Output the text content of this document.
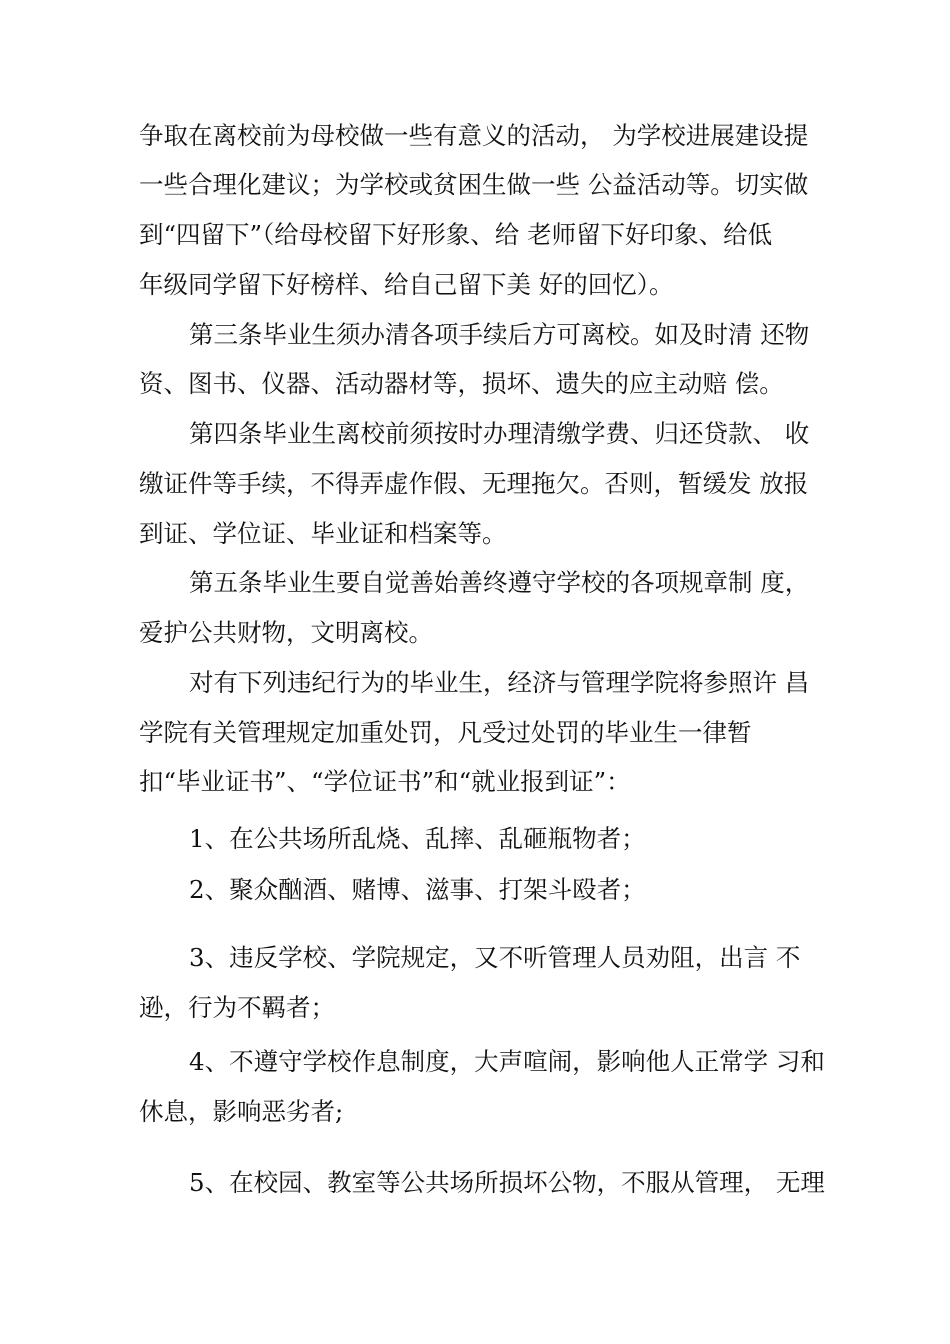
争取在离校前为母校做一些有意义的活动， 为学校进展建设提
一些合理化建议；为学校或贫困生做一些 公益活动等。切实做
到“四留下”（给母校留下好形象、给 老师留下好印象、给低
年级同学留下好榜样、给自己留下美 好的回忆）。
第三条毕业生须办清各项手续后方可离校。如及时清 还物
资、图书、仪器、活动器材等，损坏、遗失的应主动赔 偿。
第四条毕业生离校前须按时办理清缴学费、归还贷款、 收
缴证件等手续，不得弄虚作假、无理拖欠。否则，暂缓发 放报
到证、学位证、毕业证和档案等。
第五条毕业生要自觉善始善终遵守学校的各项规章制 度，
爱护公共财物，文明离校。
对有下列违纪行为的毕业生，经济与管理学院将参照许 昌
学院有关管理规定加重处罚，凡受过处罚的毕业生一律暂
扣“毕业证书”、“学位证书”和“就业报到证”：
1、在公共场所乱烧、乱摔、乱砸瓶物者；
2、聚众酗酒、赌博、滋事、打架斗殴者；
3、违反学校、学院规定，又不听管理人员劝阻，出言 不
逊，行为不羁者；
4、不遵守学校作息制度，大声喧闹，影响他人正常学 习和
休息，影响恶劣者;
5、在校园、教室等公共场所损坏公物，不服从管理， 无理
